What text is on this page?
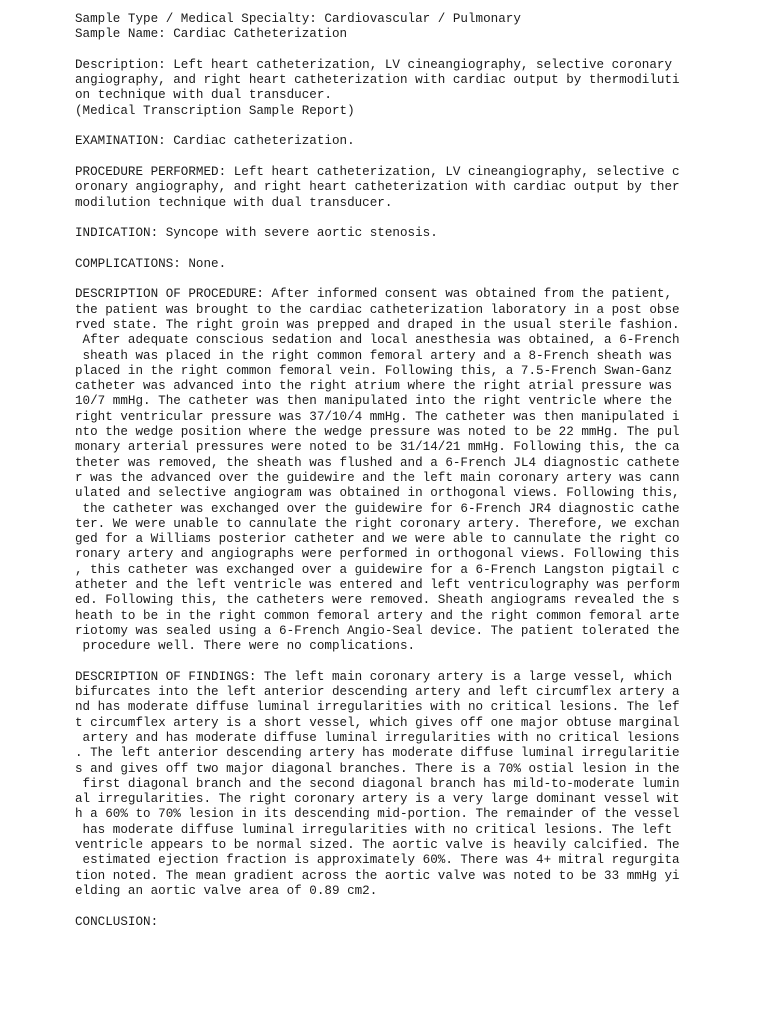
Sample Type / Medical Specialty: Cardiovascular / Pulmonary
Sample Name: Cardiac Catheterization
Description: Left heart catheterization, LV cineangiography, selective coronary
angiography, and right heart catheterization with cardiac output by thermodiluti
on technique with dual transducer.
(Medical Transcription Sample Report)
EXAMINATION: Cardiac catheterization.
PROCEDURE PERFORMED: Left heart catheterization, LV cineangiography, selective c
oronary angiography, and right heart catheterization with cardiac output by ther
modilution technique with dual transducer.
INDICATION: Syncope with severe aortic stenosis.
COMPLICATIONS: None.
DESCRIPTION OF PROCEDURE: After informed consent was obtained from the patient,
the patient was brought to the cardiac catheterization laboratory in a post obse
rved state. The right groin was prepped and draped in the usual sterile fashion.
After adequate conscious sedation and local anesthesia was obtained, a 6-French
sheath was placed in the right common femoral artery and a 8-French sheath was
placed in the right common femoral vein. Following this, a 7.5-French Swan-Ganz
catheter was advanced into the right atrium where the right atrial pressure was
10/7 mmHg. The catheter was then manipulated into the right ventricle where the
right ventricular pressure was 37/10/4 mmHg. The catheter was then manipulated i
nto the wedge position where the wedge pressure was noted to be 22 mmHg. The pul
monary arterial pressures were noted to be 31/14/21 mmHg. Following this, the ca
theter was removed, the sheath was flushed and a 6-French JL4 diagnostic cathete
r was the advanced over the guidewire and the left main coronary artery was cann
ulated and selective angiogram was obtained in orthogonal views. Following this,
the catheter was exchanged over the guidewire for 6-French JR4 diagnostic cathe
ter. We were unable to cannulate the right coronary artery. Therefore, we exchan
ged for a Williams posterior catheter and we were able to cannulate the right co
ronary artery and angiographs were performed in orthogonal views. Following this
, this catheter was exchanged over a guidewire for a 6-French Langston pigtail c
atheter and the left ventricle was entered and left ventriculography was perform
ed. Following this, the catheters were removed. Sheath angiograms revealed the s
heath to be in the right common femoral artery and the right common femoral arte
riotomy was sealed using a 6-French Angio-Seal device. The patient tolerated the
procedure well. There were no complications.
DESCRIPTION OF FINDINGS: The left main coronary artery is a large vessel, which
bifurcates into the left anterior descending artery and left circumflex artery a
nd has moderate diffuse luminal irregularities with no critical lesions. The lef
t circumflex artery is a short vessel, which gives off one major obtuse marginal
artery and has moderate diffuse luminal irregularities with no critical lesions
. The left anterior descending artery has moderate diffuse luminal irregularitie
s and gives off two major diagonal branches. There is a 70% ostial lesion in the
first diagonal branch and the second diagonal branch has mild-to-moderate lumin
al irregularities. The right coronary artery is a very large dominant vessel wit
h a 60% to 70% lesion in its descending mid-portion. The remainder of the vessel
has moderate diffuse luminal irregularities with no critical lesions. The left
ventricle appears to be normal sized. The aortic valve is heavily calcified. The
estimated ejection fraction is approximately 60%. There was 4+ mitral regurgita
tion noted. The mean gradient across the aortic valve was noted to be 33 mmHg yi
elding an aortic valve area of 0.89 cm2.
CONCLUSION:
